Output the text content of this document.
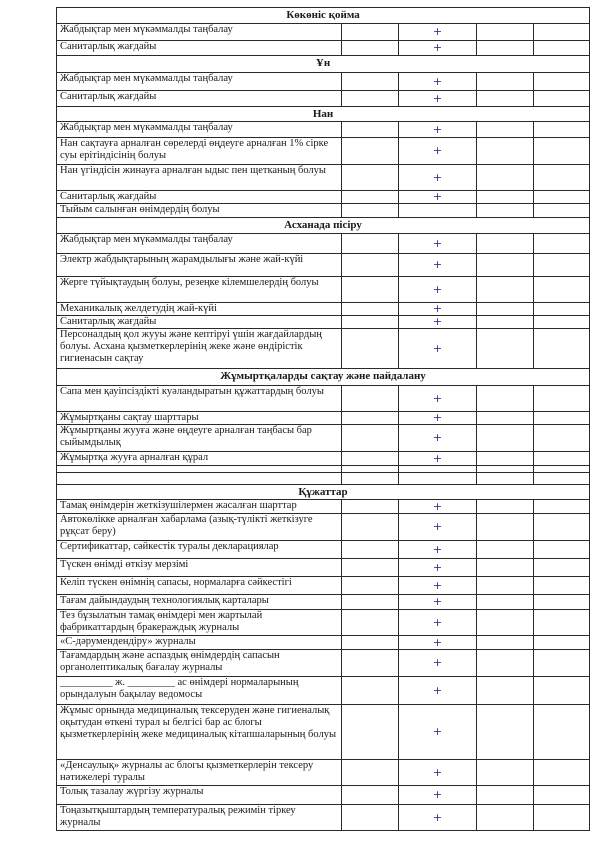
Көкөніс қойма				
Жабдықтар мен мүкәммалды таңбалау		+		
Санитарлық жағдайы		+		
Ұн				
Жабдықтар мен мүкәммалды таңбалау		+		
Санитарлық жағдайы		+		
Нан				
Жабдықтар мен мүкәммалды таңбалау		+		
Нан сақтауға арналған сөрелерді өңдеуге арналған 1% сірке суы ерітіндісінің болуы		+		
Нан үгіндісін жинауға арналған ыдыс пен щетканың болуы		+		
Санитарлық жағдайы		+		
Тыйым салынған өнімдердің болуы				
Асханада пісіру				
Жабдықтар мен мүкәммалды таңбалау		+		
Электр жабдықтарының жарамдылығы және жай-күйі		+		
Жерге түйықтаудың болуы, резеңке кілемшелердің болуы		+		
Механикалық желдетудің жай-күйі		+		
Санитарлық жағдайы		+		
Персоналдың қол жууы және кептіруі үшін жағдайлардың болуы. Асхана қызметкерлерінің жеке және өндірістік гигиенасын сақтау		+		
Жұмыртқаларды сақтау және пайдалану				
Сапа мен қауіпсіздікті куәландыратын құжаттардың болуы		+		
Жұмыртқаны сақтау шарттары		+		
Жұмыртқаны жууға және өңдеуге арналған таңбасы бар сыйымдылық		+		
Жұмыртқа жууға арналған құрал		+		

Құжаттар				
Тамақ өнімдерін жеткізушілермен жасалған шарттар		+		
Автокөлікке арналған хабарлама (азық-түлікті жеткізуге рұқсат беру)		+		
Сертификаттар, сәйкестік туралы декларациялар		+		
Түскен өнімді өткізу мерзімі		+		
Келіп түскен өнімнің сапасы, нормаларға сәйкестігі		+		
Тағам дайындаудың технологиялық карталары		+		
Тез бұзылатын тамақ өнімдері мен жартылай фабрикаттардың бракераждық журналы		+		
«С-дәрумендендіру» журналы		+		
Тағамдардың және аспаздық өнімдердің сапасын органолептикалық бағалау журналы		+		
__________ ж. _________ ас өнімдері нормаларының орындалуын бақылау ведомосы		+		
Жұмыс орнында медициналық тексеруден және гигиеналық оқытудан өткені турал ы белгісі бар ас блогы қызметкерлерінің жеке медициналық кітапшаларының болуы		+		
«Денсаулық» журналы ас блогы қызметкерлерін тексеру нәтижелері туралы		+		
Толық тазалау жүргізу журналы		+		
Тоңазытқыштардың температуралық режимін тіркеу журналы		+		
